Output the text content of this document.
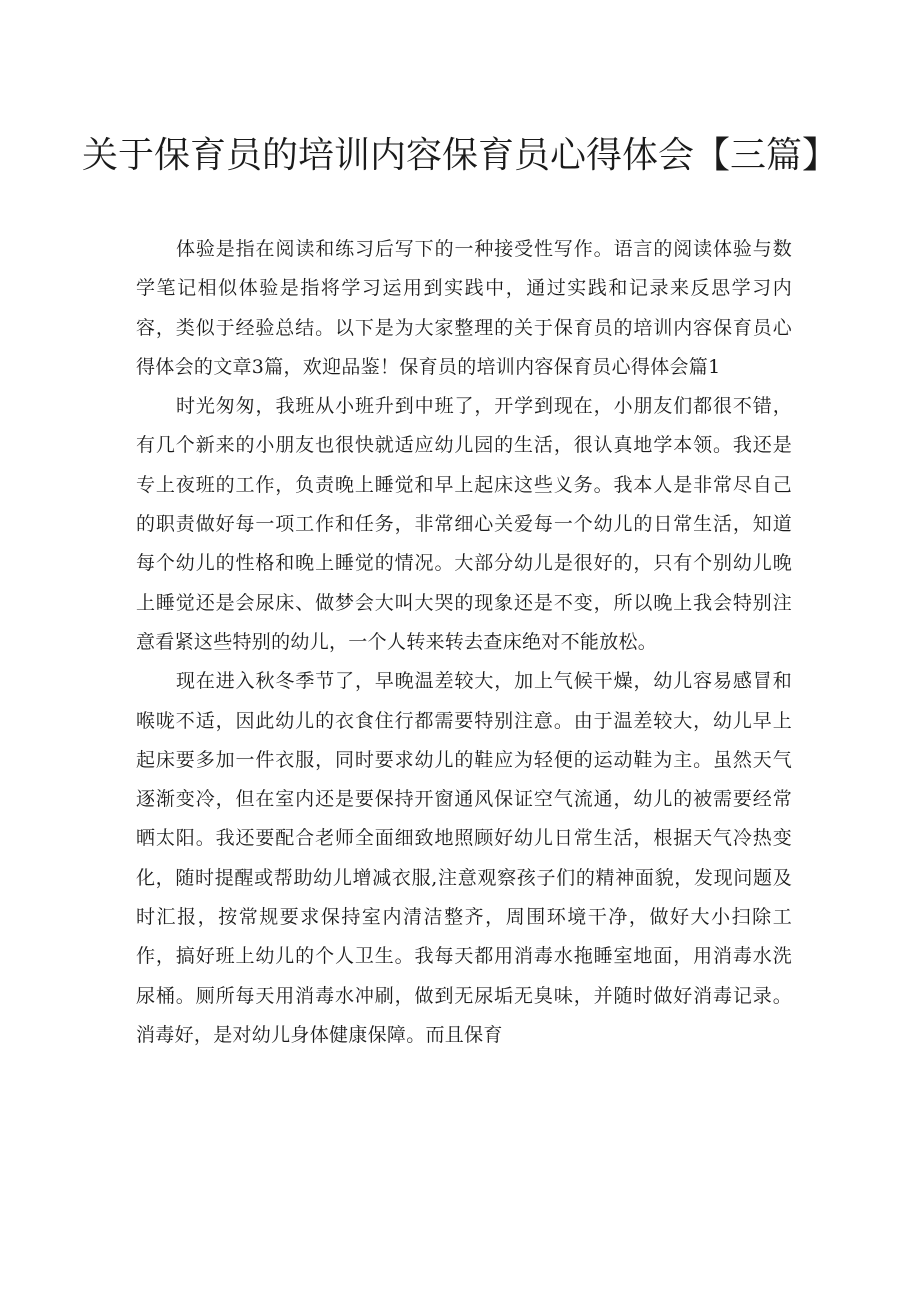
关于保育员的培训内容保育员心得体会【三篇】

体验是指在阅读和练习后写下的一种接受性写作。语言的阅读体验与数学笔记相似体验是指将学习运用到实践中，通过实践和记录来反思学习内容，类似于经验总结。以下是为大家整理的关于保育员的培训内容保育员心得体会的文章3篇，欢迎品鉴！保育员的培训内容保育员心得体会篇1

时光匆匆，我班从小班升到中班了，开学到现在，小朋友们都很不错，有几个新来的小朋友也很快就适应幼儿园的生活，很认真地学本领。我还是专上夜班的工作，负责晚上睡觉和早上起床这些义务。我本人是非常尽自己的职责做好每一项工作和任务，非常细心关爱每一个幼儿的日常生活，知道每个幼儿的性格和晚上睡觉的情况。大部分幼儿是很好的，只有个别幼儿晚上睡觉还是会尿床、做梦会大叫大哭的现象还是不变，所以晚上我会特别注意看紧这些特别的幼儿，一个人转来转去查床绝对不能放松。

现在进入秋冬季节了，早晚温差较大，加上气候干燥，幼儿容易感冒和喉咙不适，因此幼儿的衣食住行都需要特别注意。由于温差较大，幼儿早上起床要多加一件衣服，同时要求幼儿的鞋应为轻便的运动鞋为主。虽然天气逐渐变冷，但在室内还是要保持开窗通风保证空气流通，幼儿的被需要经常晒太阳。我还要配合老师全面细致地照顾好幼儿日常生活，根据天气冷热变化，随时提醒或帮助幼儿增减衣服,注意观察孩子们的精神面貌，发现问题及时汇报，按常规要求保持室内清洁整齐，周围环境干净，做好大小扫除工作，搞好班上幼儿的个人卫生。我每天都用消毒水拖睡室地面，用消毒水洗尿桶。厕所每天用消毒水冲刷，做到无尿垢无臭味，并随时做好消毒记录。消毒好，是对幼儿身体健康保障。而且保育
